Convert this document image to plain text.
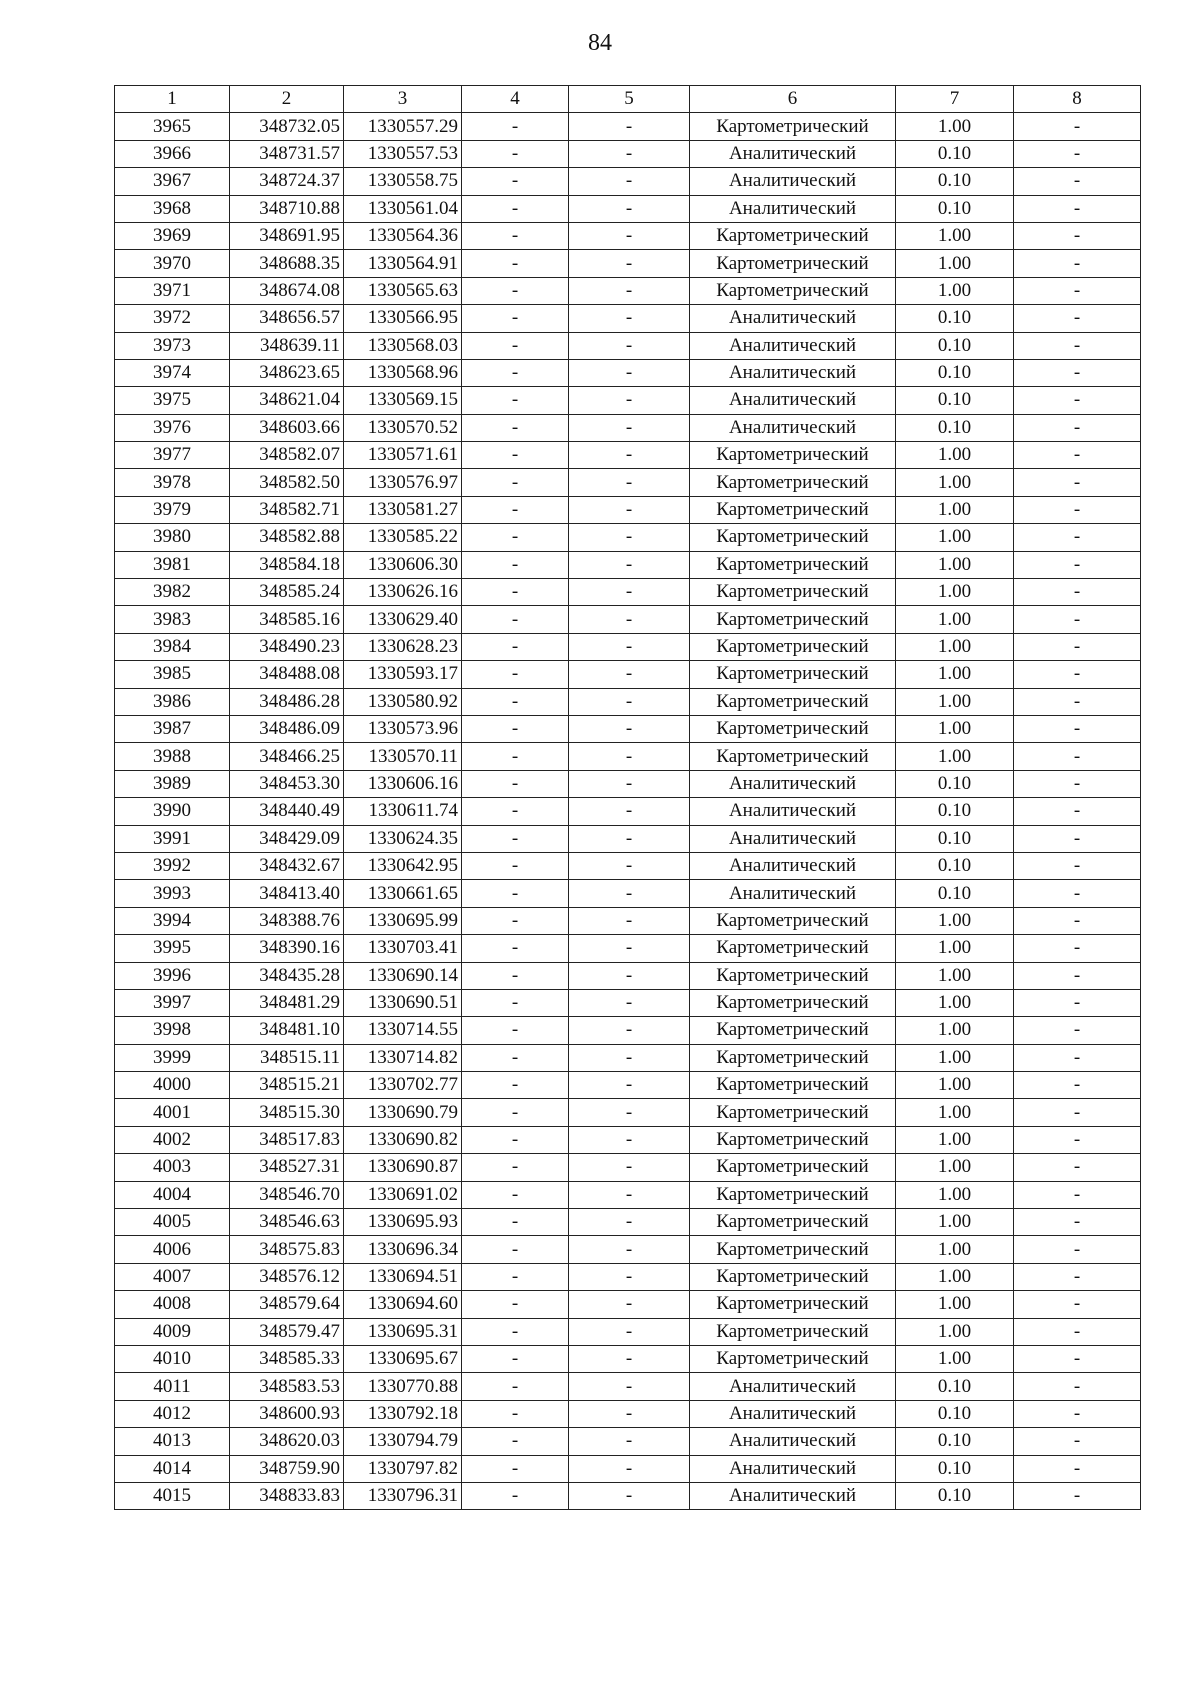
84
1	2	3	4	5	6	7	8
3965	348732.05	1330557.29	-	-	Картометрический	1.00	-
3966	348731.57	1330557.53	-	-	Аналитический	0.10	-
3967	348724.37	1330558.75	-	-	Аналитический	0.10	-
3968	348710.88	1330561.04	-	-	Аналитический	0.10	-
3969	348691.95	1330564.36	-	-	Картометрический	1.00	-
3970	348688.35	1330564.91	-	-	Картометрический	1.00	-
3971	348674.08	1330565.63	-	-	Картометрический	1.00	-
3972	348656.57	1330566.95	-	-	Аналитический	0.10	-
3973	348639.11	1330568.03	-	-	Аналитический	0.10	-
3974	348623.65	1330568.96	-	-	Аналитический	0.10	-
3975	348621.04	1330569.15	-	-	Аналитический	0.10	-
3976	348603.66	1330570.52	-	-	Аналитический	0.10	-
3977	348582.07	1330571.61	-	-	Картометрический	1.00	-
3978	348582.50	1330576.97	-	-	Картометрический	1.00	-
3979	348582.71	1330581.27	-	-	Картометрический	1.00	-
3980	348582.88	1330585.22	-	-	Картометрический	1.00	-
3981	348584.18	1330606.30	-	-	Картометрический	1.00	-
3982	348585.24	1330626.16	-	-	Картометрический	1.00	-
3983	348585.16	1330629.40	-	-	Картометрический	1.00	-
3984	348490.23	1330628.23	-	-	Картометрический	1.00	-
3985	348488.08	1330593.17	-	-	Картометрический	1.00	-
3986	348486.28	1330580.92	-	-	Картометрический	1.00	-
3987	348486.09	1330573.96	-	-	Картометрический	1.00	-
3988	348466.25	1330570.11	-	-	Картометрический	1.00	-
3989	348453.30	1330606.16	-	-	Аналитический	0.10	-
3990	348440.49	1330611.74	-	-	Аналитический	0.10	-
3991	348429.09	1330624.35	-	-	Аналитический	0.10	-
3992	348432.67	1330642.95	-	-	Аналитический	0.10	-
3993	348413.40	1330661.65	-	-	Аналитический	0.10	-
3994	348388.76	1330695.99	-	-	Картометрический	1.00	-
3995	348390.16	1330703.41	-	-	Картометрический	1.00	-
3996	348435.28	1330690.14	-	-	Картометрический	1.00	-
3997	348481.29	1330690.51	-	-	Картометрический	1.00	-
3998	348481.10	1330714.55	-	-	Картометрический	1.00	-
3999	348515.11	1330714.82	-	-	Картометрический	1.00	-
4000	348515.21	1330702.77	-	-	Картометрический	1.00	-
4001	348515.30	1330690.79	-	-	Картометрический	1.00	-
4002	348517.83	1330690.82	-	-	Картометрический	1.00	-
4003	348527.31	1330690.87	-	-	Картометрический	1.00	-
4004	348546.70	1330691.02	-	-	Картометрический	1.00	-
4005	348546.63	1330695.93	-	-	Картометрический	1.00	-
4006	348575.83	1330696.34	-	-	Картометрический	1.00	-
4007	348576.12	1330694.51	-	-	Картометрический	1.00	-
4008	348579.64	1330694.60	-	-	Картометрический	1.00	-
4009	348579.47	1330695.31	-	-	Картометрический	1.00	-
4010	348585.33	1330695.67	-	-	Картометрический	1.00	-
4011	348583.53	1330770.88	-	-	Аналитический	0.10	-
4012	348600.93	1330792.18	-	-	Аналитический	0.10	-
4013	348620.03	1330794.79	-	-	Аналитический	0.10	-
4014	348759.90	1330797.82	-	-	Аналитический	0.10	-
4015	348833.83	1330796.31	-	-	Аналитический	0.10	-
